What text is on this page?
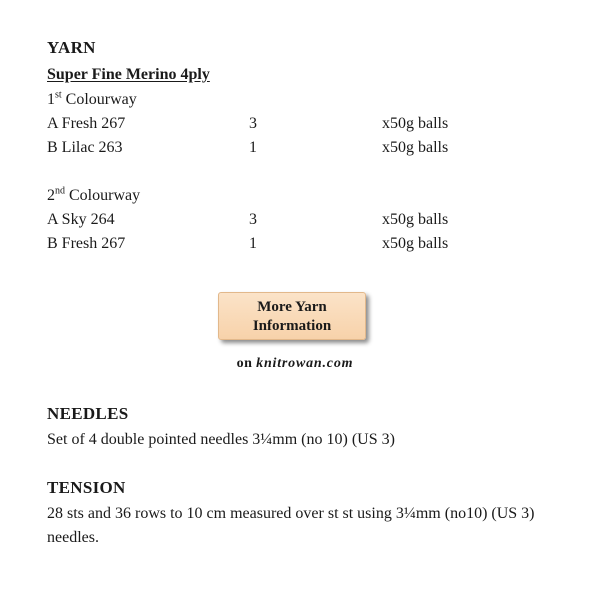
YARN
Super Fine Merino 4ply
1st Colourway
A Fresh 267	3	x50g balls
B Lilac 263	1	x50g balls
2nd Colourway
A Sky 264	3	x50g balls
B Fresh 267	1	x50g balls
More Yarn
Information
on knitrowan.com
NEEDLES
Set of 4 double pointed needles 3¼mm (no 10) (US 3)
TENSION
28 sts and 36 rows to 10 cm measured over st st using 3¼mm (no10) (US 3) needles.
